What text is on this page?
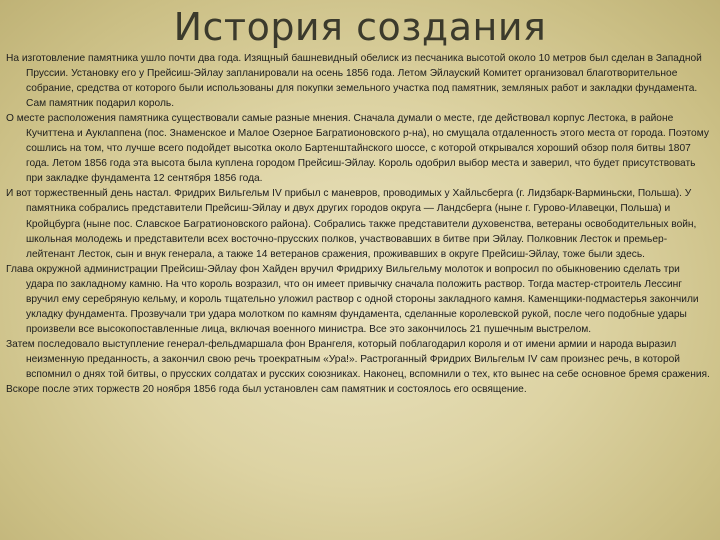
История создания

На изготовление памятника ушло почти два года. Изящный башневидный обелиск из песчаника высотой около 10 метров был сделан в Западной Пруссии. Установку его у Прейсиш-Эйлау запланировали на осень 1856 года. Летом Эйлауский Комитет организовал благотворительное собрание, средства от которого были использованы для покупки земельного участка под памятник, земляных работ и закладки фундамента. Сам памятник подарил король.

О месте расположения памятника существовали самые разные мнения. Сначала думали о месте, где действовал корпус Лестока, в районе Кучиттена и Ауклаппена (пос. Знаменское и Малое Озерное Багратионовского р-на), но смущала отдаленность этого места от города. Поэтому сошлись на том, что лучше всего подойдет высотка около Бартенштайнского шоссе, с которой открывался хороший обзор поля битвы 1807 года. Летом 1856 года эта высота была куплена городом Прейсиш-Эйлау. Король одобрил выбор места и заверил, что будет присутствовать при закладке фундамента 12 сентября 1856 года.

И вот торжественный день настал. Фридрих Вильгельм IV прибыл с маневров, проводимых у Хайльсберга (г. Лидзбарк-Варминьски, Польша). У памятника собрались представители Прейсиш-Эйлау и двух других городов округа — Ландсберга (ныне г. Гурово-Илавецки, Польша) и Кройцбурга (ныне пос. Славское Багратионовского района). Собрались также представители духовенства, ветераны освободительных войн, школьная молодежь и представители всех восточно-прусских полков, участвовавших в битве при Эйлау. Полковник Лесток и премьер-лейтенант Лесток, сын и внук генерала, а также 14 ветеранов сражения, проживавших в округе Прейсиш-Эйлау, тоже были здесь.

Глава окружной администрации Прейсиш-Эйлау фон Хайден вручил Фридриху Вильгельму молоток и вопросил по обыкновению сделать три удара по закладному камню. На что король возразил, что он имеет привычку сначала положить раствор. Тогда мастер-строитель Лессинг вручил ему серебряную кельму, и король тщательно уложил раствор с одной стороны закладного камня. Каменщики-подмастерья закончили укладку фундамента. Прозвучали три удара молотком по камням фундамента, сделанные королевской рукой, после чего подобные удары произвели все высокопоставленные лица, включая военного министра. Все это закончилось 21 пушечным выстрелом.

Затем последовало выступление генерал-фельдмаршала фон Врангеля, который поблагодарил короля и от имени армии и народа выразил неизменную преданность, а закончил свою речь троекратным «Ура!». Растроганный Фридрих Вильгельм IV сам произнес речь, в которой вспомнил о днях той битвы, о прусских солдатах и русских союзниках. Наконец, вспомнили о тех, кто вынес на себе основное бремя сражения.

Вскоре после этих торжеств 20 ноября 1856 года был установлен сам памятник и состоялось его освящение.
